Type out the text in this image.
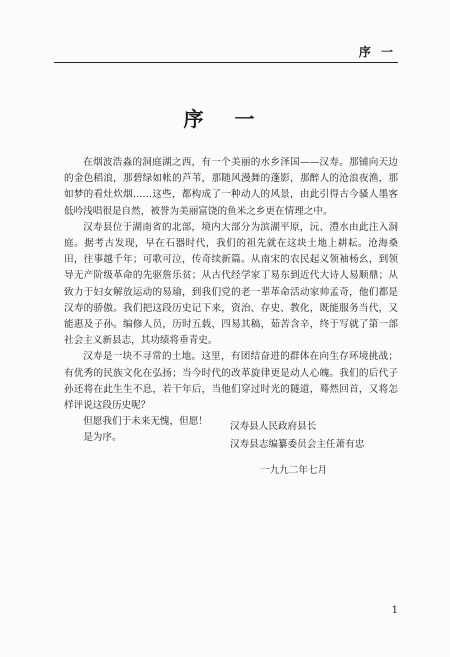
序 一
序 一

在烟波浩淼的洞庭湖之西，有一个美丽的水乡泽国——汉寿。那铺向天边的金色稻浪，那碧绿如帐的芦苇，那随风漫舞的蓬影，那醉人的沧浪夜渔，那如梦的看灶炊烟……这些，都构成了一种动人的风景，由此引得古今骚人墨客低吟浅唱很是自然，被誉为美丽富饶的鱼米之乡更在情理之中。

汉寿县位于湖南省的北部，境内大部分为滨湖平原，沅、澧水由此注入洞庭。据考古发现，早在石器时代，我们的祖先就在这块土地上耕耘。沧海桑田，往事越千年；可歌可泣，传奇续新篇。从南宋的农民起义领袖杨幺，到领导无产阶级革命的先驱詹乐贫；从古代经学家丁易东到近代大诗人易顺鼎；从致力于妇女解放运动的易瑜，到我们党的老一辈革命活动家帅孟奇，他们都是汉寿的骄傲。我们把这段历史记下来，资治、存史、教化，既能服务当代，又能惠及子孙。编修人员，历时五载，四易其稿，茹苦含辛，终于写就了第一部社会主义新县志，其功绩将垂青史。

汉寿是一块不寻常的土地。这里，有团结奋进的群体在向生存环境挑战；有优秀的民族文化在弘扬；当今时代的改革旋律更是动人心魄。我们的后代子孙还将在此生生不息，若干年后，当他们穿过时光的隧道，蓦然回首，又将怎样评说这段历史呢？

但愿我们于未来无愧，但愿！

是为序。

汉寿县人民政府县长
汉寿县志编纂委员会主任萧有忠
一九九二年七月
1
